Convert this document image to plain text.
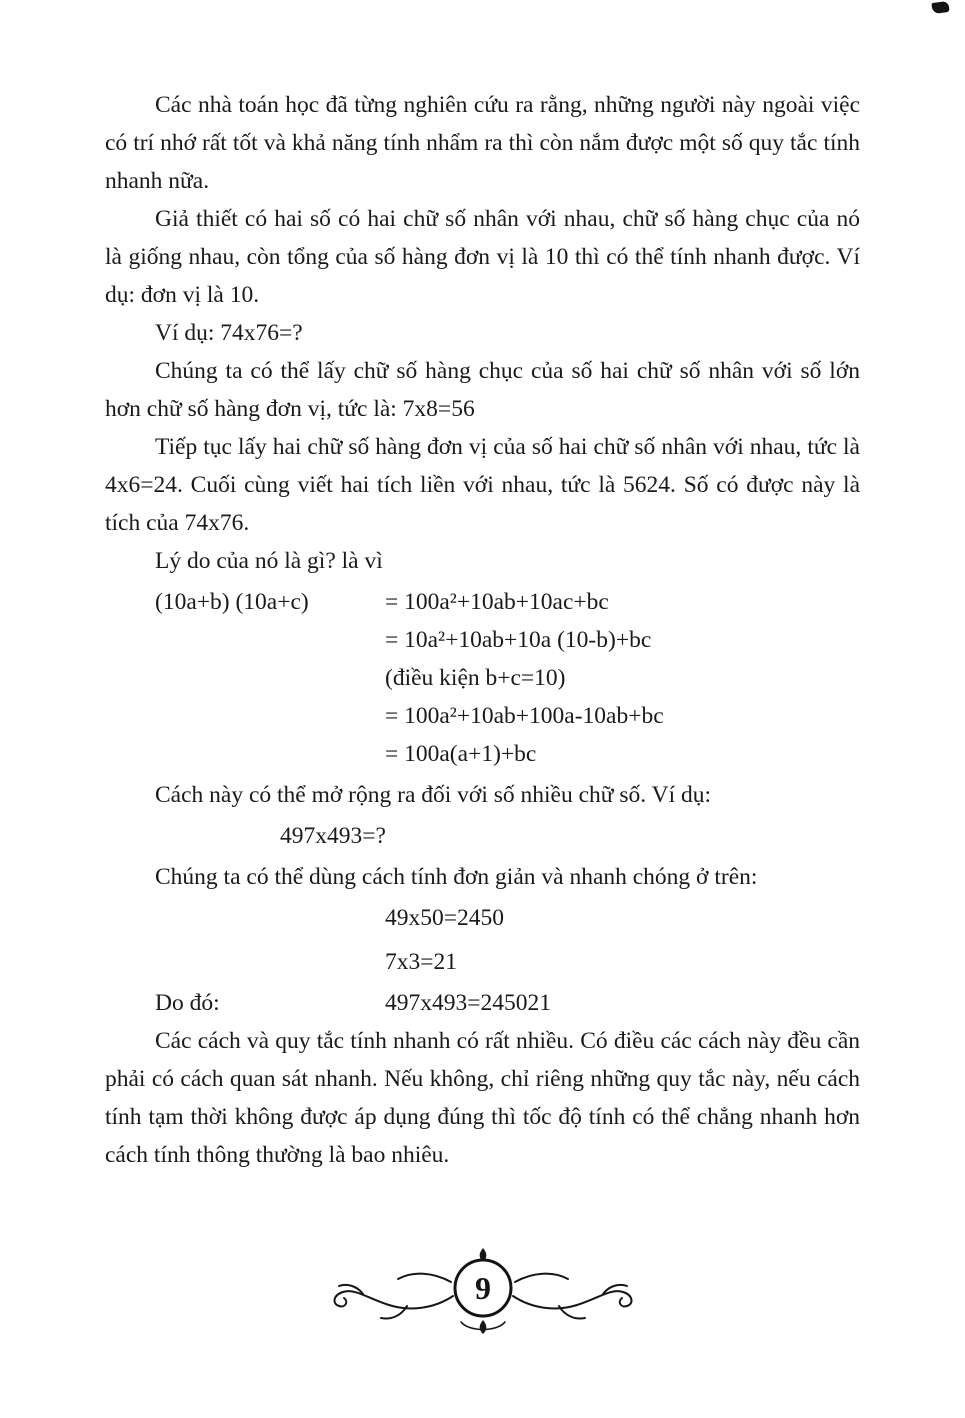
Các nhà toán học đã từng nghiên cứu ra rằng, những người này ngoài việc có trí nhớ rất tốt và khả năng tính nhẩm ra thì còn nắm được một số quy tắc tính nhanh nữa.

Giả thiết có hai số có hai chữ số nhân với nhau, chữ số hàng chục của nó là giống nhau, còn tổng của số hàng đơn vị là 10 thì có thể tính nhanh được. Ví dụ: đơn vị là 10.

Ví dụ: 74x76=?

Chúng ta có thể lấy chữ số hàng chục của số hai chữ số nhân với số lớn hơn chữ số hàng đơn vị, tức là: 7x8=56

Tiếp tục lấy hai chữ số hàng đơn vị của số hai chữ số nhân với nhau, tức là 4x6=24. Cuối cùng viết hai tích liền với nhau, tức là 5624. Số có được này là tích của 74x76.

Lý do của nó là gì? là vì

(10a+b) (10a+c)	= 100a²+10ab+10ac+bc

= 10a²+10ab+10a (10-b)+bc

(điều kiện b+c=10)

= 100a²+10ab+100a-10ab+bc

= 100a(a+1)+bc

Cách này có thể mở rộng ra đối với số nhiều chữ số. Ví dụ:

497x493=?

Chúng ta có thể dùng cách tính đơn giản và nhanh chóng ở trên:

49x50=2450

7x3=21

Do đó:	497x493=245021

Các cách và quy tắc tính nhanh có rất nhiều. Có điều các cách này đều cần phải có cách quan sát nhanh. Nếu không, chỉ riêng những quy tắc này, nếu cách tính tạm thời không được áp dụng đúng thì tốc độ tính có thể chẳng nhanh hơn cách tính thông thường là bao nhiêu.

9
